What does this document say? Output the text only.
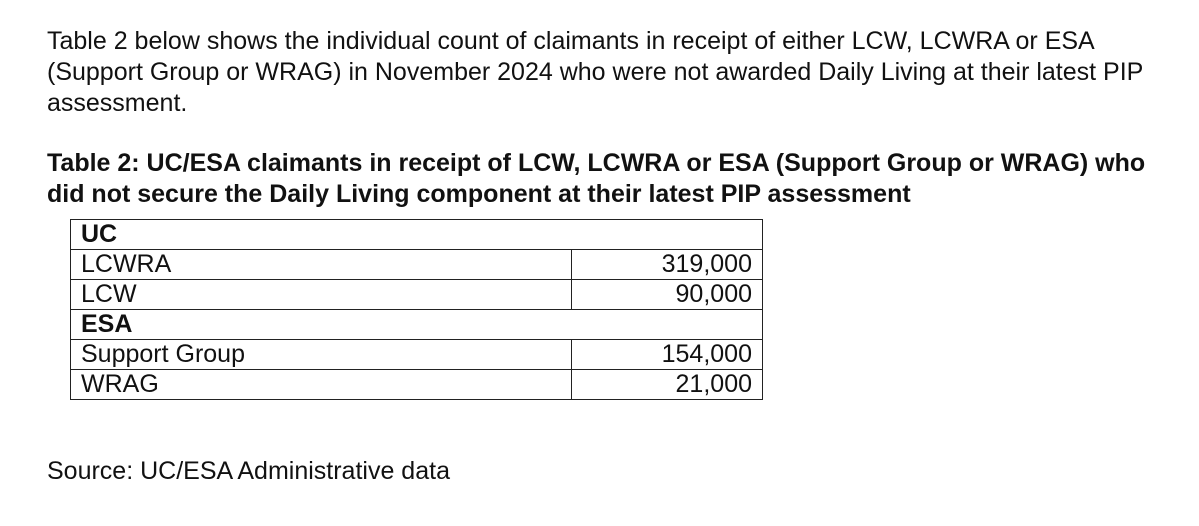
Table 2 below shows the individual count of claimants in receipt of either LCW, LCWRA or ESA (Support Group or WRAG) in November 2024 who were not awarded Daily Living at their latest PIP assessment.

Table 2: UC/ESA claimants in receipt of LCW, LCWRA or ESA (Support Group or WRAG) who did not secure the Daily Living component at their latest PIP assessment

UC	
LCWRA	319,000
LCW	90,000
ESA	
Support Group	154,000
WRAG	21,000

Source: UC/ESA Administrative data
